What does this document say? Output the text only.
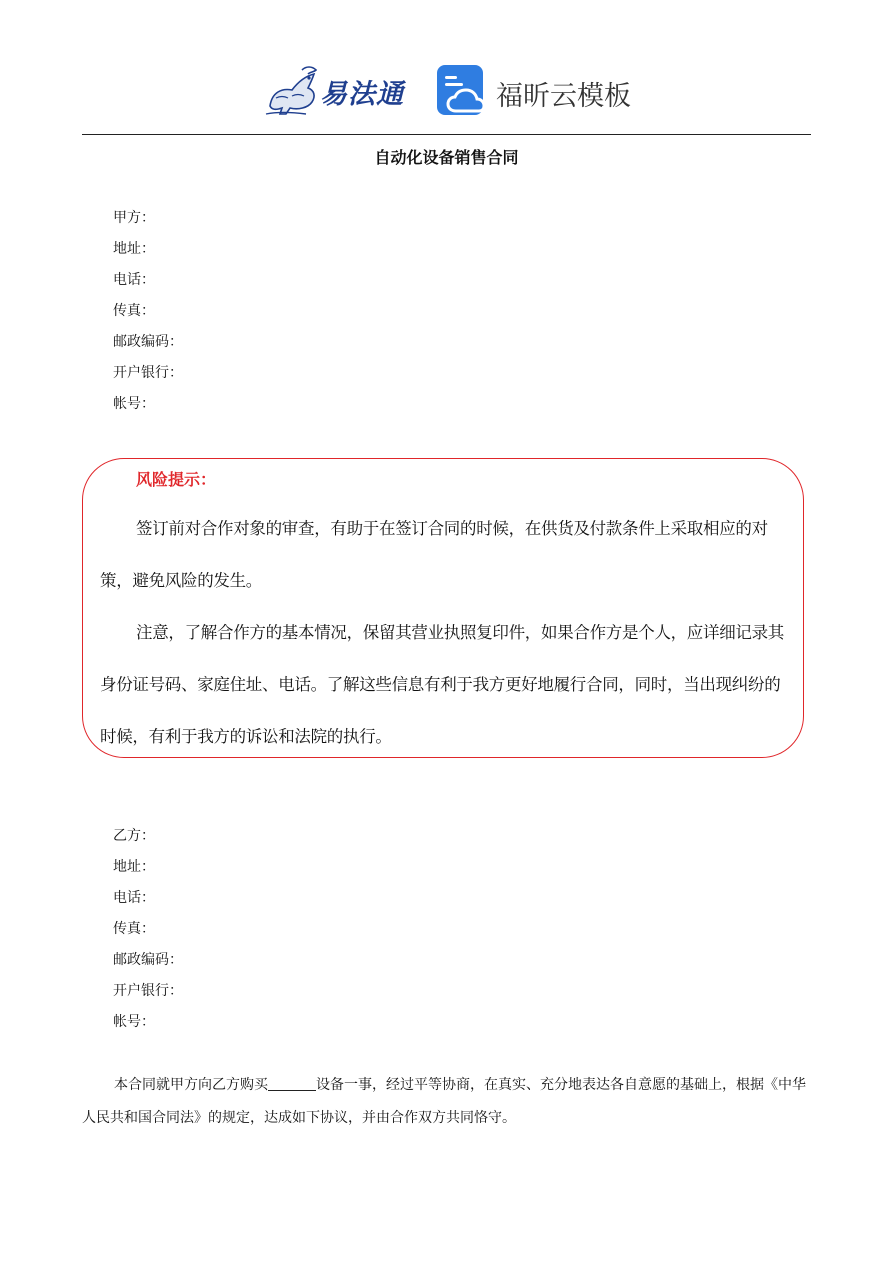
易法通	福昕云模板
自动化设备销售合同
甲方：
地址：
电话：
传真：
邮政编码：
开户银行：
帐号：
风险提示：
签订前对合作对象的审查，有助于在签订合同的时候，在供货及付款条件上采取相应的对策，避免风险的发生。
注意，了解合作方的基本情况，保留其营业执照复印件，如果合作方是个人，应详细记录其身份证号码、家庭住址、电话。了解这些信息有利于我方更好地履行合同，同时，当出现纠纷的时候，有利于我方的诉讼和法院的执行。
乙方：
地址：
电话：
传真：
邮政编码：
开户银行：
帐号：
本合同就甲方向乙方购买	设备一事，经过平等协商，在真实、充分地表达各自意愿的基础上，根据《中华人民共和国合同法》的规定，达成如下协议，并由合作双方共同恪守。
